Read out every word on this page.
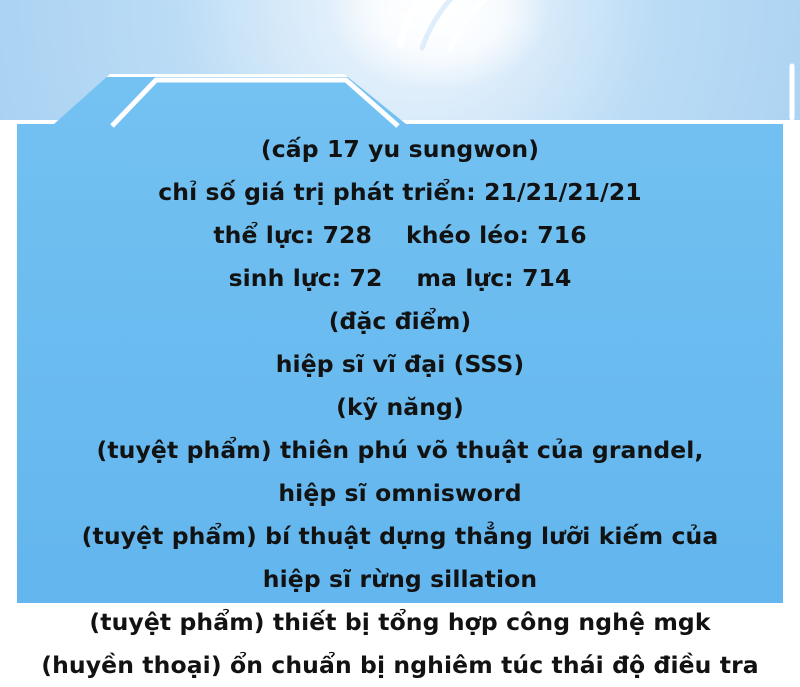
(cấp 17 yu sungwon)
chỉ số giá trị phát triển: 21/21/21/21
thể lực: 728 khéo léo: 716
sinh lực: 72 ma lực: 714
(đặc điểm)
hiệp sĩ vĩ đại (SSS)
(kỹ năng)
(tuyệt phẩm) thiên phú võ thuật của grandel,
hiệp sĩ omnisword
(tuyệt phẩm) bí thuật dựng thẳng lưỡi kiếm của
hiệp sĩ rừng sillation
(tuyệt phẩm) thiết bị tổng hợp công nghệ mgk
(huyền thoại) ổn chuẩn bị nghiêm túc thái độ điều tra
